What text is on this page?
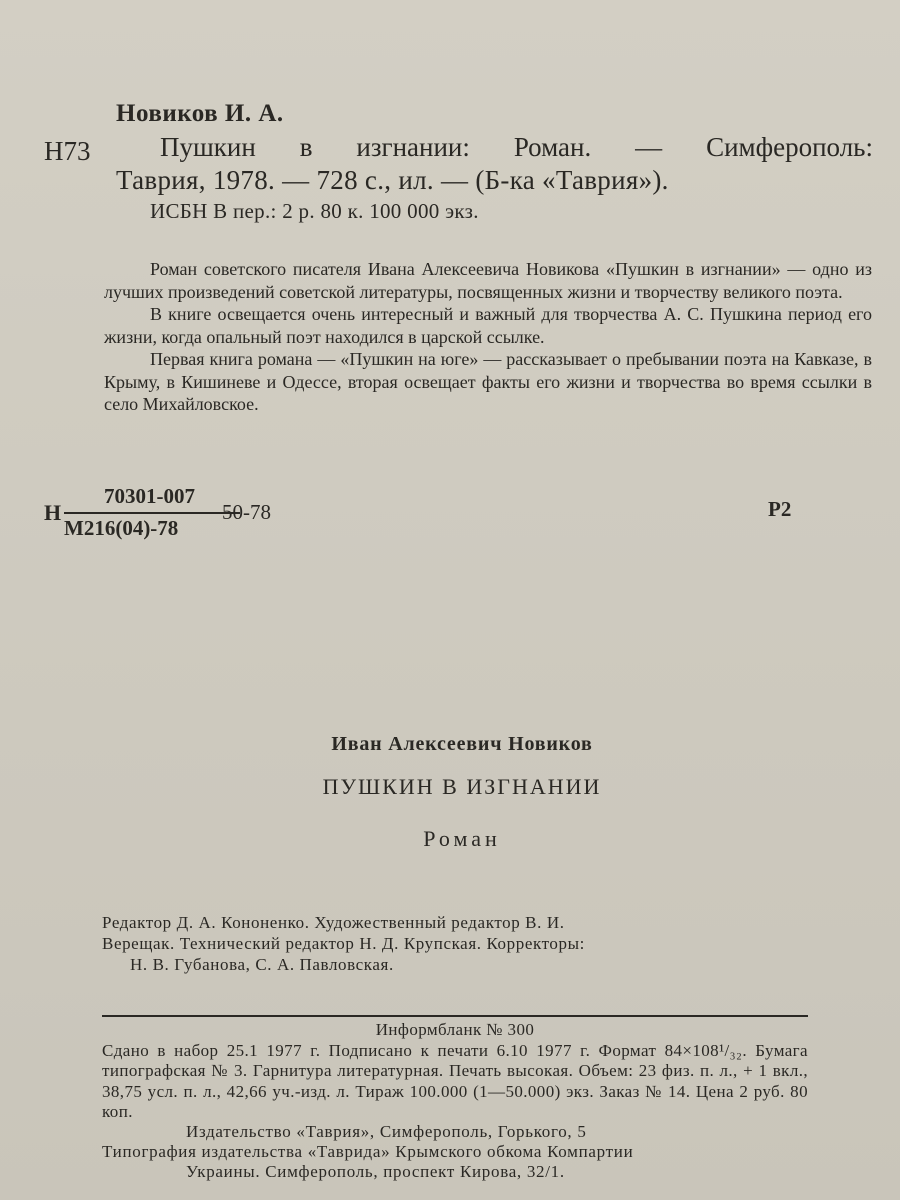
Новиков И. А.
Н73	Пушкин в изгнании: Роман. — Симферополь:
Таврия, 1978. — 728 с., ил. — (Б-ка «Таврия»).
ИСБН В пер.: 2 р. 80 к. 100 000 экз.

Роман советского писателя Ивана Алексеевича Новикова «Пушкин в изгнании» — одно из лучших произведений советской литературы, посвященных жизни и творчеству великого поэта.

В книге освещается очень интересный и важный для творчества А. С. Пушкина период его жизни, когда опальный поэт находился в царской ссылке.

Первая книга романа — «Пушкин на юге» — рассказывает о пребывании поэта на Кавказе, в Крыму, в Кишиневе и Одессе, вторая освещает факты его жизни и творчества во время ссылки в село Михайловское.

Н
70301-007
М216(04)-78
50-78	Р2
Иван Алексеевич Новиков
ПУШКИН В ИЗГНАНИИ
Роман

Редактор Д. А. Кононенко. Художественный редактор В. И.

Верещак. Технический редактор Н. Д. Крупская. Корректоры:

Н. В. Губанова, С. А. Павловская.

Информбланк № 300

Сдано в набор 25.1 1977 г. Подписано к печати 6.10 1977 г. Формат 84×108¹/₃₂. Бумага типографская № 3. Гарнитура литературная. Печать высокая. Объем: 23 физ. п. л., + 1 вкл., 38,75 усл. п. л., 42,66 уч.-изд. л. Тираж 100.000 (1—50.000) экз. Заказ № 14. Цена 2 руб. 80 коп.

Издательство «Таврия», Симферополь, Горького, 5

Типография издательства «Таврида» Крымского обкома Компартии

Украины. Симферополь, проспект Кирова, 32/1.
